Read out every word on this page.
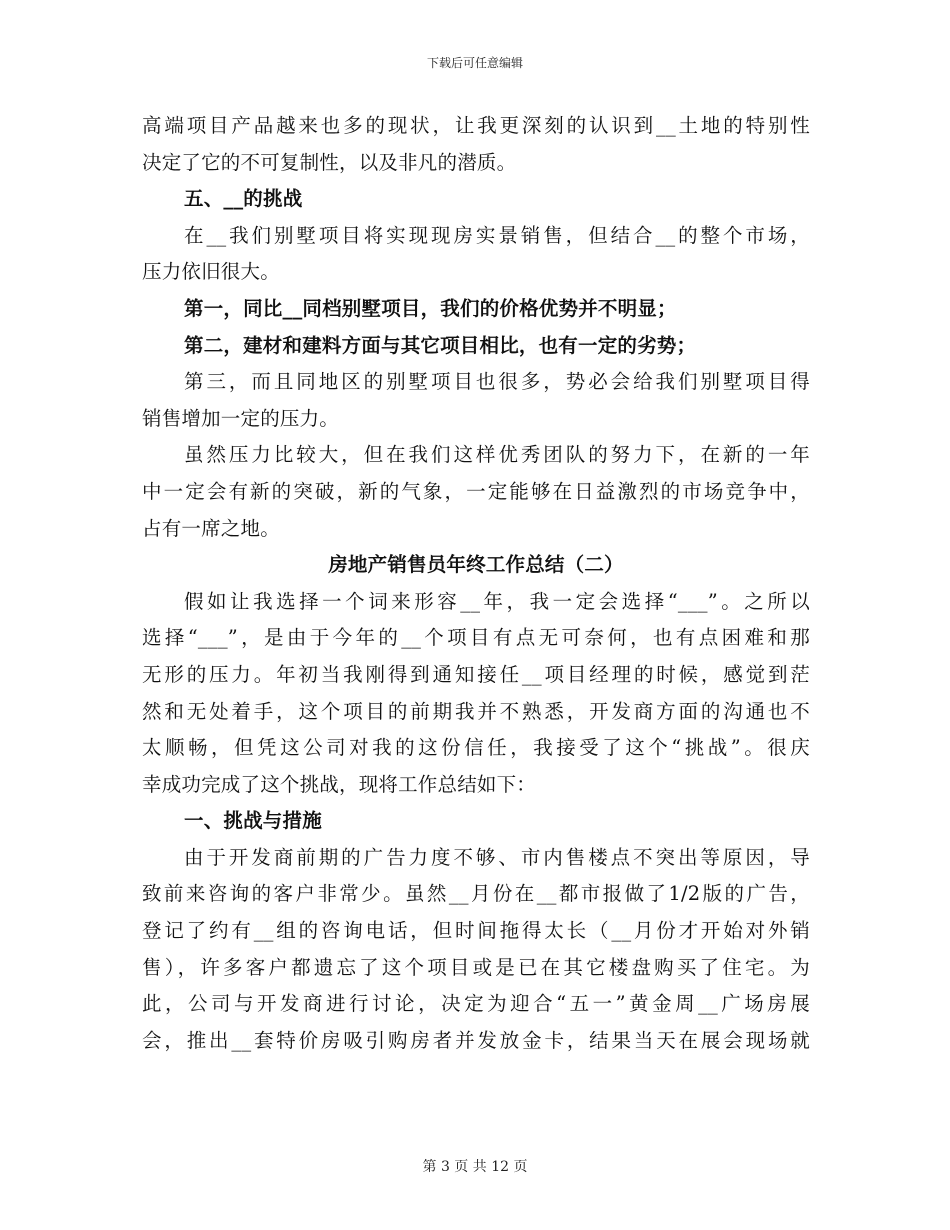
下载后可任意编辑
高端项目产品越来也多的现状，让我更深刻的认识到__土地的特别性
决定了它的不可复制性，以及非凡的潜质。
五、__的挑战
在__我们别墅项目将实现现房实景销售，但结合__的整个市场，
压力依旧很大。
第一，同比__同档别墅项目，我们的价格优势并不明显；
第二，建材和建料方面与其它项目相比，也有一定的劣势；
第三，而且同地区的别墅项目也很多，势必会给我们别墅项目得
销售增加一定的压力。
虽然压力比较大，但在我们这样优秀团队的努力下，在新的一年
中一定会有新的突破，新的气象，一定能够在日益激烈的市场竞争中，
占有一席之地。
房地产销售员年终工作总结（二）
假如让我选择一个词来形容__年，我一定会选择“___”。之所以
选择“___”，是由于今年的__个项目有点无可奈何，也有点困难和那
无形的压力。年初当我刚得到通知接任__项目经理的时候，感觉到茫
然和无处着手，这个项目的前期我并不熟悉，开发商方面的沟通也不
太顺畅，但凭这公司对我的这份信任，我接受了这个“挑战”。很庆
幸成功完成了这个挑战，现将工作总结如下：
一、挑战与措施
由于开发商前期的广告力度不够、市内售楼点不突出等原因，导
致前来咨询的客户非常少。虽然__月份在__都市报做了1/2版的广告，
登记了约有__组的咨询电话，但时间拖得太长（__月份才开始对外销
售），许多客户都遗忘了这个项目或是已在其它楼盘购买了住宅。为
此，公司与开发商进行讨论，决定为迎合“五一”黄金周__广场房展
会，推出__套特价房吸引购房者并发放金卡，结果当天在展会现场就
第 3 页 共 12 页
